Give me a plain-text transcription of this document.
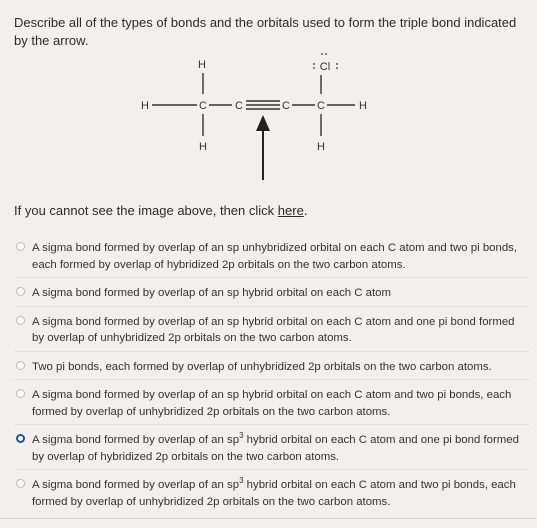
Describe all of the types of bonds and the orbitals used to form the triple bond indicated by the arrow.
H
H	C
H
C	C C
Cl
H
H
If you cannot see the image above, then click here.
A sigma bond formed by overlap of an sp unhybridized orbital on each C atom and two pi bonds, each formed by overlap of hybridized 2p orbitals on the two carbon atoms.
A sigma bond formed by overlap of an sp hybrid orbital on each C atom
A sigma bond formed by overlap of an sp hybrid orbital on each C atom and one pi bond formed by overlap of unhybridized 2p orbitals on the two carbon atoms.
Two pi bonds, each formed by overlap of unhybridized 2p orbitals on the two carbon atoms.
A sigma bond formed by overlap of an sp hybrid orbital on each C atom and two pi bonds, each formed by overlap of unhybridized 2p orbitals on the two carbon atoms.
A sigma bond formed by overlap of an $sp^3$ hybrid orbital on each C atom and one pi bond formed by overlap of hybridized 2p orbitals on the two carbon atoms.
A sigma bond formed by overlap of an $sp^3$ hybrid orbital on each C atom and two pi bonds, each formed by overlap of unhybridized 2p orbitals on the two carbon atoms.
